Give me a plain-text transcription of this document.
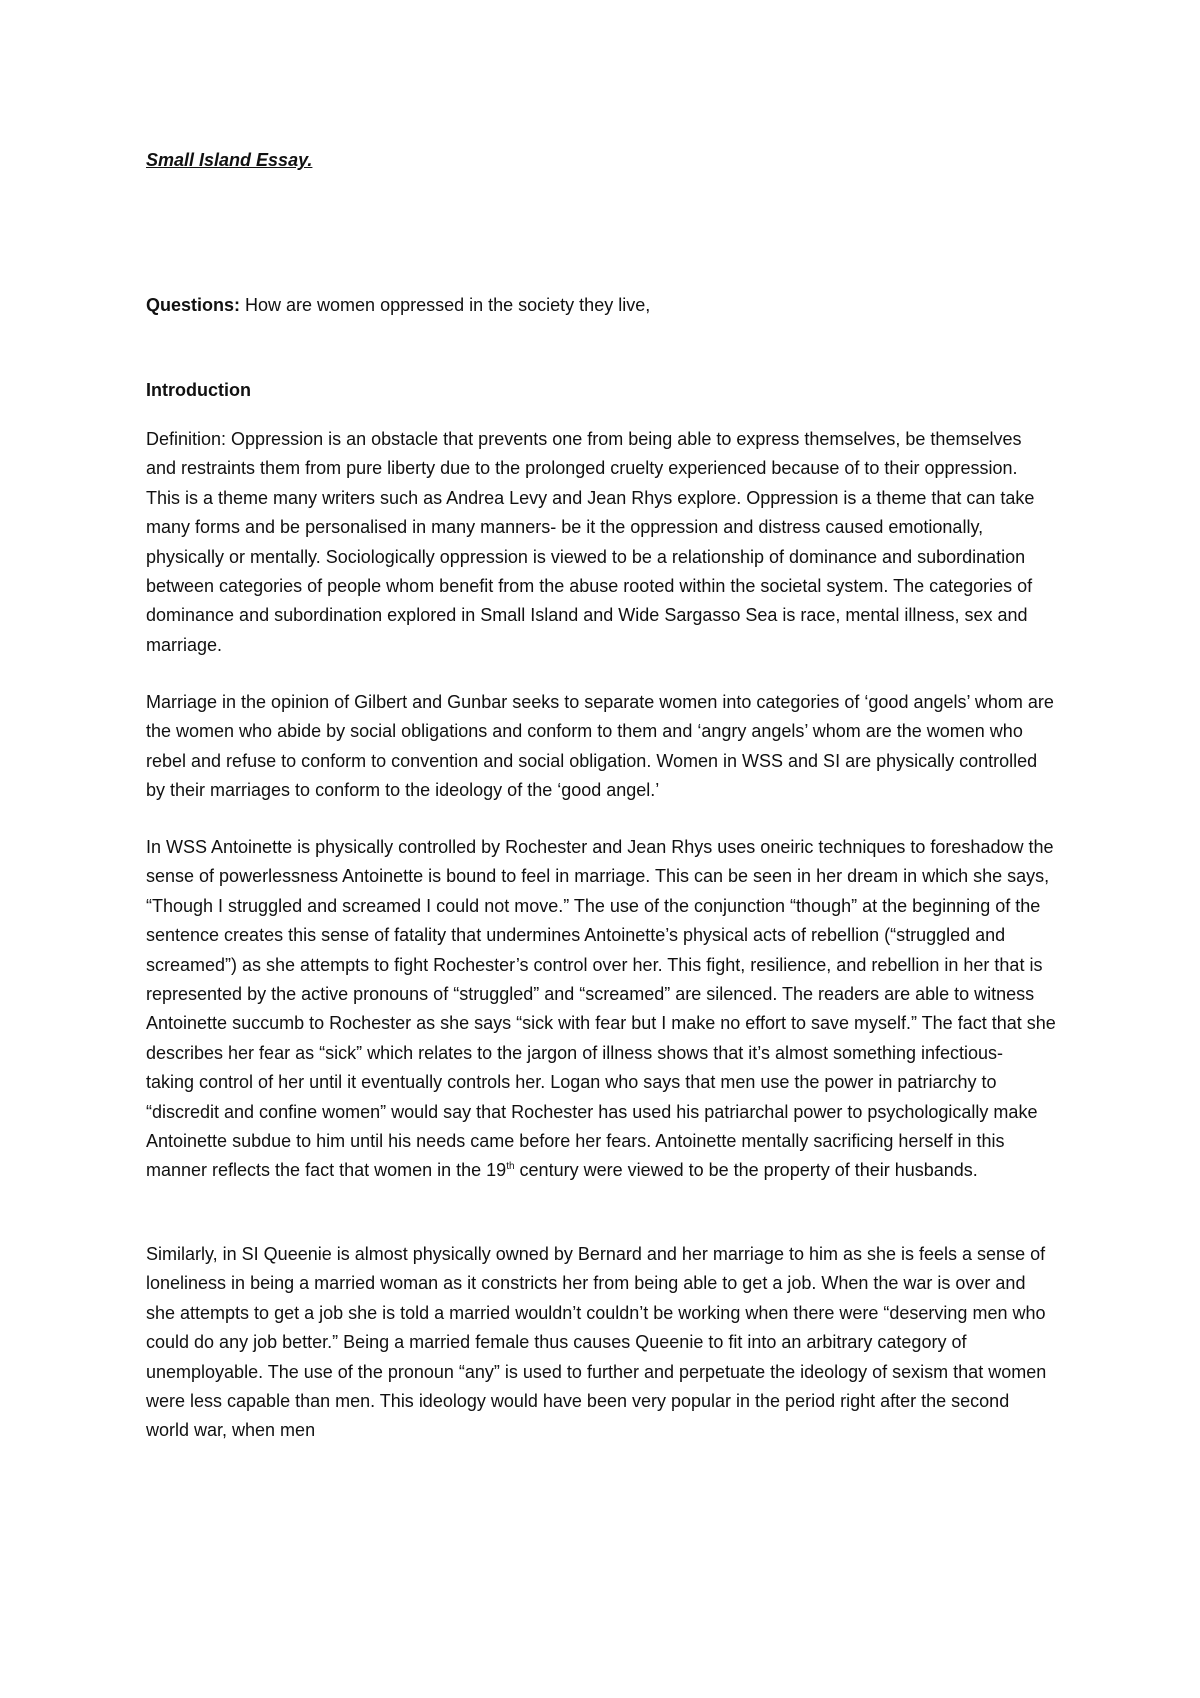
Small Island Essay.
Questions: How are women oppressed in the society they live,
Introduction

Definition: Oppression is an obstacle that prevents one from being able to express themselves, be themselves and restraints them from pure liberty due to the prolonged cruelty experienced because of to their oppression. This is a theme many writers such as Andrea Levy and Jean Rhys explore. Oppression is a theme that can take many forms and be personalised in many manners- be it the oppression and distress caused emotionally, physically or mentally. Sociologically oppression is viewed to be a relationship of dominance and subordination between categories of people whom benefit from the abuse rooted within the societal system. The categories of dominance and subordination explored in Small Island and Wide Sargasso Sea is race, mental illness, sex and marriage.

Marriage in the opinion of Gilbert and Gunbar seeks to separate women into categories of ‘good angels’ whom are the women who abide by social obligations and conform to them and ‘angry angels’ whom are the women who rebel and refuse to conform to convention and social obligation. Women in WSS and SI are physically controlled by their marriages to conform to the ideology of the ‘good angel.’

In WSS Antoinette is physically controlled by Rochester and Jean Rhys uses oneiric techniques to foreshadow the sense of powerlessness Antoinette is bound to feel in marriage. This can be seen in her dream in which she says, “Though I struggled and screamed I could not move.” The use of the conjunction “though” at the beginning of the sentence creates this sense of fatality that undermines Antoinette’s physical acts of rebellion (“struggled and screamed”) as she attempts to fight Rochester’s control over her. This fight, resilience, and rebellion in her that is represented by the active pronouns of “struggled” and “screamed” are silenced. The readers are able to witness Antoinette succumb to Rochester as she says “sick with fear but I make no effort to save myself.” The fact that she describes her fear as “sick” which relates to the jargon of illness shows that it’s almost something infectious- taking control of her until it eventually controls her. Logan who says that men use the power in patriarchy to “discredit and confine women” would say that Rochester has used his patriarchal power to psychologically make Antoinette subdue to him until his needs came before her fears. Antoinette mentally sacrificing herself in this manner reflects the fact that women in the 19th century were viewed to be the property of their husbands.

Similarly, in SI Queenie is almost physically owned by Bernard and her marriage to him as she is feels a sense of loneliness in being a married woman as it constricts her from being able to get a job. When the war is over and she attempts to get a job she is told a married wouldn’t couldn’t be working when there were “deserving men who could do any job better.” Being a married female thus causes Queenie to fit into an arbitrary category of unemployable. The use of the pronoun “any” is used to further and perpetuate the ideology of sexism that women were less capable than men. This ideology would have been very popular in the period right after the second world war, when men
